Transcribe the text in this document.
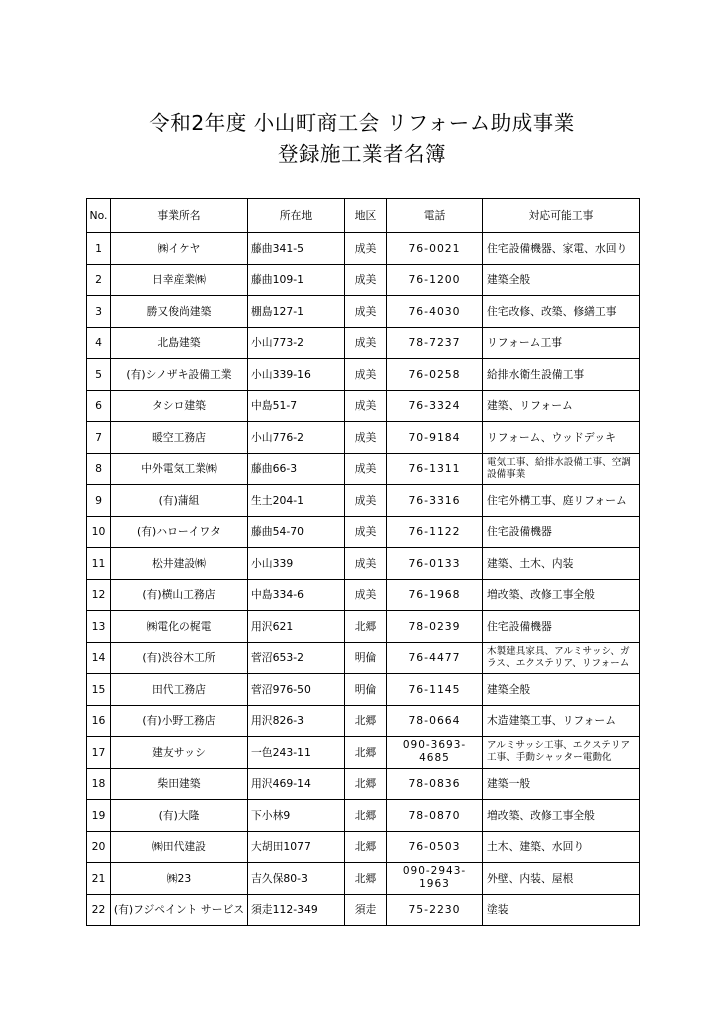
令和2年度 小山町商工会 リフォーム助成事業
登録施工業者名簿
No.	事業所名	所在地	地区	電話	対応可能工事
1	㈱イケヤ	藤曲341-5	成美	76-0021	住宅設備機器、家電、水回り
2	日幸産業㈱	藤曲109-1	成美	76-1200	建築全般
3	勝又俊尚建築	棚島127-1	成美	76-4030	住宅改修、改築、修繕工事
4	北島建築	小山773-2	成美	78-7237	リフォーム工事
5	(有)シノザキ設備工業	小山339-16	成美	76-0258	給排水衛生設備工事
6	タシロ建築	中島51-7	成美	76-3324	建築、リフォーム
7	暖空工務店	小山776-2	成美	70-9184	リフォーム、ウッドデッキ
8	中外電気工業㈱	藤曲66-3	成美	76-1311	電気工事、給排水設備工事、空調設備事業
9	(有)蒲組	生土204-1	成美	76-3316	住宅外構工事、庭リフォーム
10	(有)ハローイワタ	藤曲54-70	成美	76-1122	住宅設備機器
11	松井建設㈱	小山339	成美	76-0133	建築、土木、内装
12	(有)横山工務店	中島334-6	成美	76-1968	増改築、改修工事全般
13	㈱電化の梶電	用沢621	北郷	78-0239	住宅設備機器
14	(有)渋谷木工所	菅沼653-2	明倫	76-4477	木製建具家具、アルミサッシ、ガラス、エクステリア、リフォーム
15	田代工務店	菅沼976-50	明倫	76-1145	建築全般
16	(有)小野工務店	用沢826-3	北郷	78-0664	木造建築工事、リフォーム
17	建友サッシ	一色243-11	北郷	090-3693-4685	アルミサッシ工事、エクステリア工事、手動シャッター電動化
18	柴田建築	用沢469-14	北郷	78-0836	建築一般
19	(有)大隆	下小林9	北郷	78-0870	増改築、改修工事全般
20	㈱田代建設	大胡田1077	北郷	76-0503	土木、建築、水回り
21	㈱23	吉久保80-3	北郷	090-2943-1963	外壁、内装、屋根
22	(有)フジペイント サービス	須走112-349	須走	75-2230	塗装
